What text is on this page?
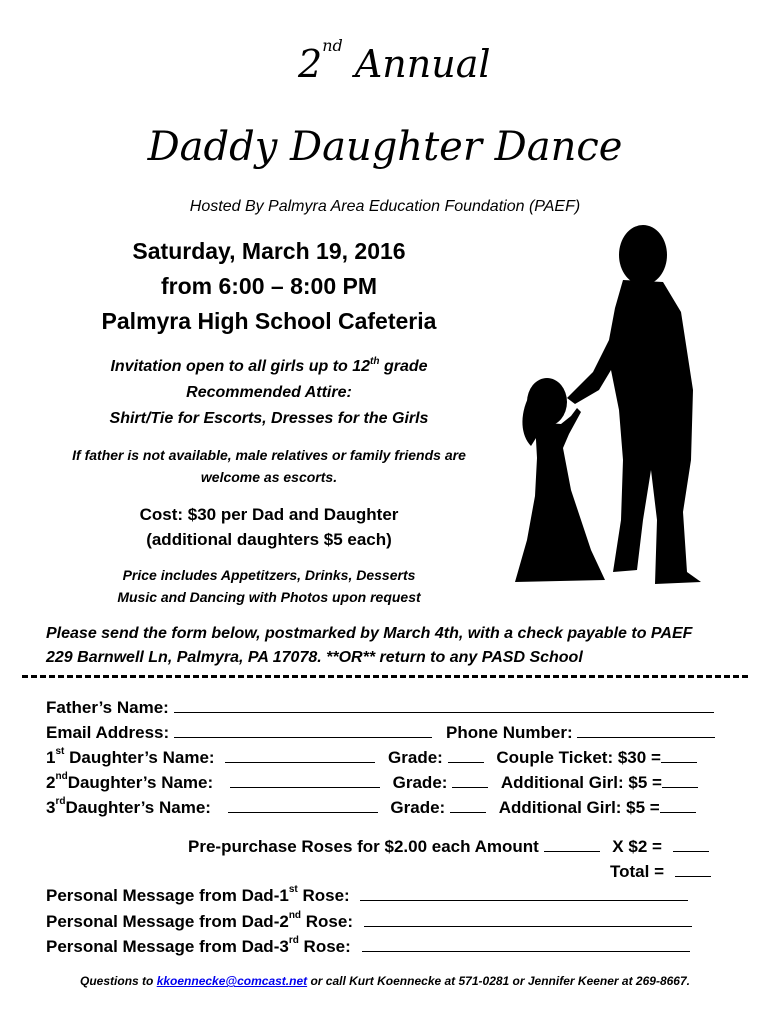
2nd Annual
Daddy Daughter Dance
Hosted By Palmyra Area Education Foundation (PAEF)
Saturday, March 19, 2016
from 6:00 – 8:00 PM
Palmyra High School Cafeteria
Invitation open to all girls up to 12th grade
Recommended Attire:
Shirt/Tie for Escorts, Dresses for the Girls
If father is not available, male relatives or family friends are
welcome as escorts.
Cost: $30 per Dad and Daughter
(additional daughters $5 each)
Price includes Appetitzers, Drinks, Desserts
Music and Dancing with Photos upon request
Please send the form below, postmarked by March 4th, with a check payable to PAEF
229 Barnwell Ln, Palmyra, PA 17078. **OR** return to any PASD School
Father’s Name:
Email Address:	Phone Number:
1st Daughter’s Name:	Grade:	Couple Ticket: $30 =
2ndDaughter’s Name:	Grade:	Additional Girl: $5 =
3rdDaughter’s Name:	Grade:	Additional Girl: $5 =
Pre-purchase Roses for $2.00 each Amount	X $2 =
Total =
Personal Message from Dad-1st Rose:
Personal Message from Dad-2nd Rose:
Personal Message from Dad-3rd Rose:
Questions to kkoennecke@comcast.net or call Kurt Koennecke at 571-0281 or Jennifer Keener at 269-8667.
